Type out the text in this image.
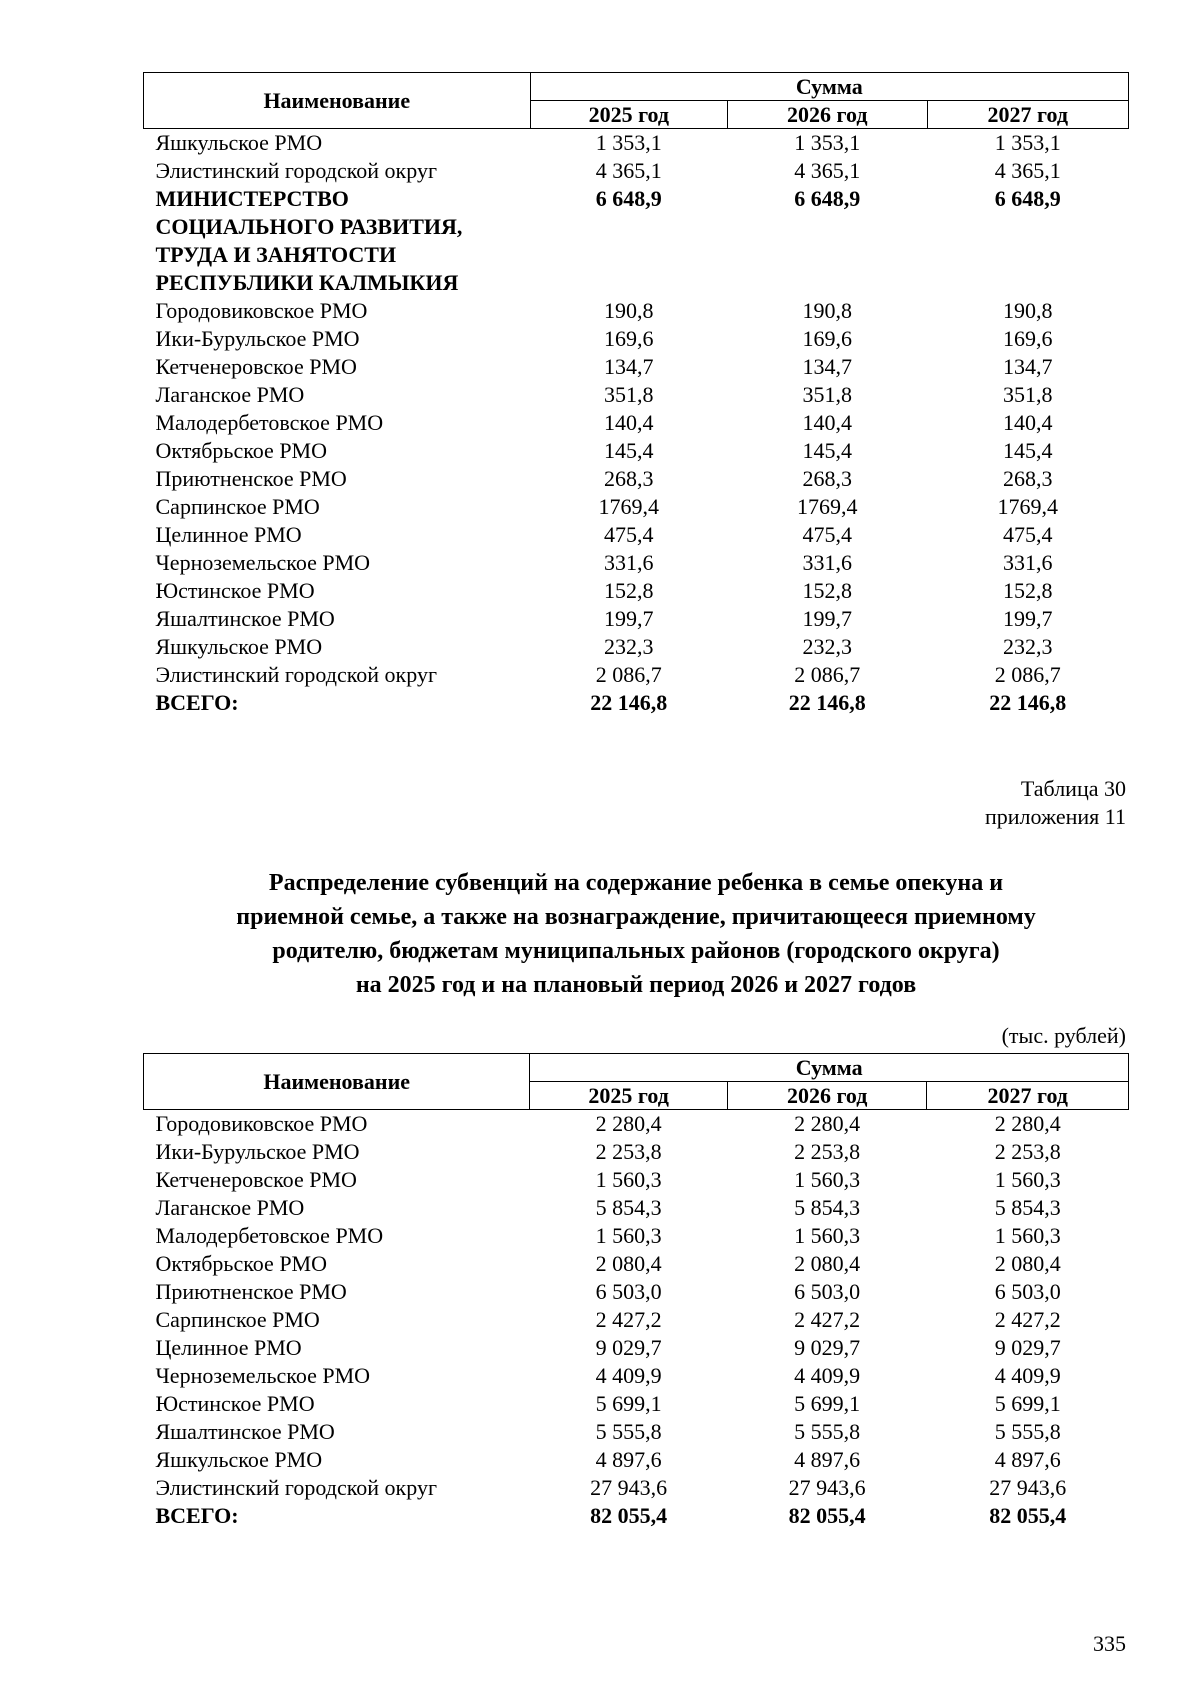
Наименование	Сумма		
	2025 год	2026 год	2027 год
Яшкульское РМО	1 353,1	1 353,1	1 353,1
Элистинский городской округ	4 365,1	4 365,1	4 365,1
МИНИСТЕРСТВО СОЦИАЛЬНОГО РАЗВИТИЯ, ТРУДА И ЗАНЯТОСТИ РЕСПУБЛИКИ КАЛМЫКИЯ	6 648,9	6 648,9	6 648,9
Городовиковское РМО	190,8	190,8	190,8
Ики-Бурульское РМО	169,6	169,6	169,6
Кетченеровское РМО	134,7	134,7	134,7
Лаганское РМО	351,8	351,8	351,8
Малодербетовское РМО	140,4	140,4	140,4
Октябрьское РМО	145,4	145,4	145,4
Приютненское РМО	268,3	268,3	268,3
Сарпинское РМО	1769,4	1769,4	1769,4
Целинное РМО	475,4	475,4	475,4
Черноземельское РМО	331,6	331,6	331,6
Юстинское РМО	152,8	152,8	152,8
Яшалтинское РМО	199,7	199,7	199,7
Яшкульское РМО	232,3	232,3	232,3
Элистинский городской округ	2 086,7	2 086,7	2 086,7
ВСЕГО:	22 146,8	22 146,8	22 146,8
Таблица 30
приложения 11
Распределение субвенций на содержание ребенка в семье опекуна и
приемной семье, а также на вознаграждение, причитающееся приемному
родителю, бюджетам муниципальных районов (городского округа)
на 2025 год и на плановый период 2026 и 2027 годов
(тыс. рублей)
Наименование	Сумма		
	2025 год	2026 год	2027 год
Городовиковское РМО	2 280,4	2 280,4	2 280,4
Ики-Бурульское РМО	2 253,8	2 253,8	2 253,8
Кетченеровское РМО	1 560,3	1 560,3	1 560,3
Лаганское РМО	5 854,3	5 854,3	5 854,3
Малодербетовское РМО	1 560,3	1 560,3	1 560,3
Октябрьское РМО	2 080,4	2 080,4	2 080,4
Приютненское РМО	6 503,0	6 503,0	6 503,0
Сарпинское РМО	2 427,2	2 427,2	2 427,2
Целинное РМО	9 029,7	9 029,7	9 029,7
Черноземельское РМО	4 409,9	4 409,9	4 409,9
Юстинское РМО	5 699,1	5 699,1	5 699,1
Яшалтинское РМО	5 555,8	5 555,8	5 555,8
Яшкульское РМО	4 897,6	4 897,6	4 897,6
Элистинский городской округ	27 943,6	27 943,6	27 943,6
ВСЕГО:	82 055,4	82 055,4	82 055,4
335
